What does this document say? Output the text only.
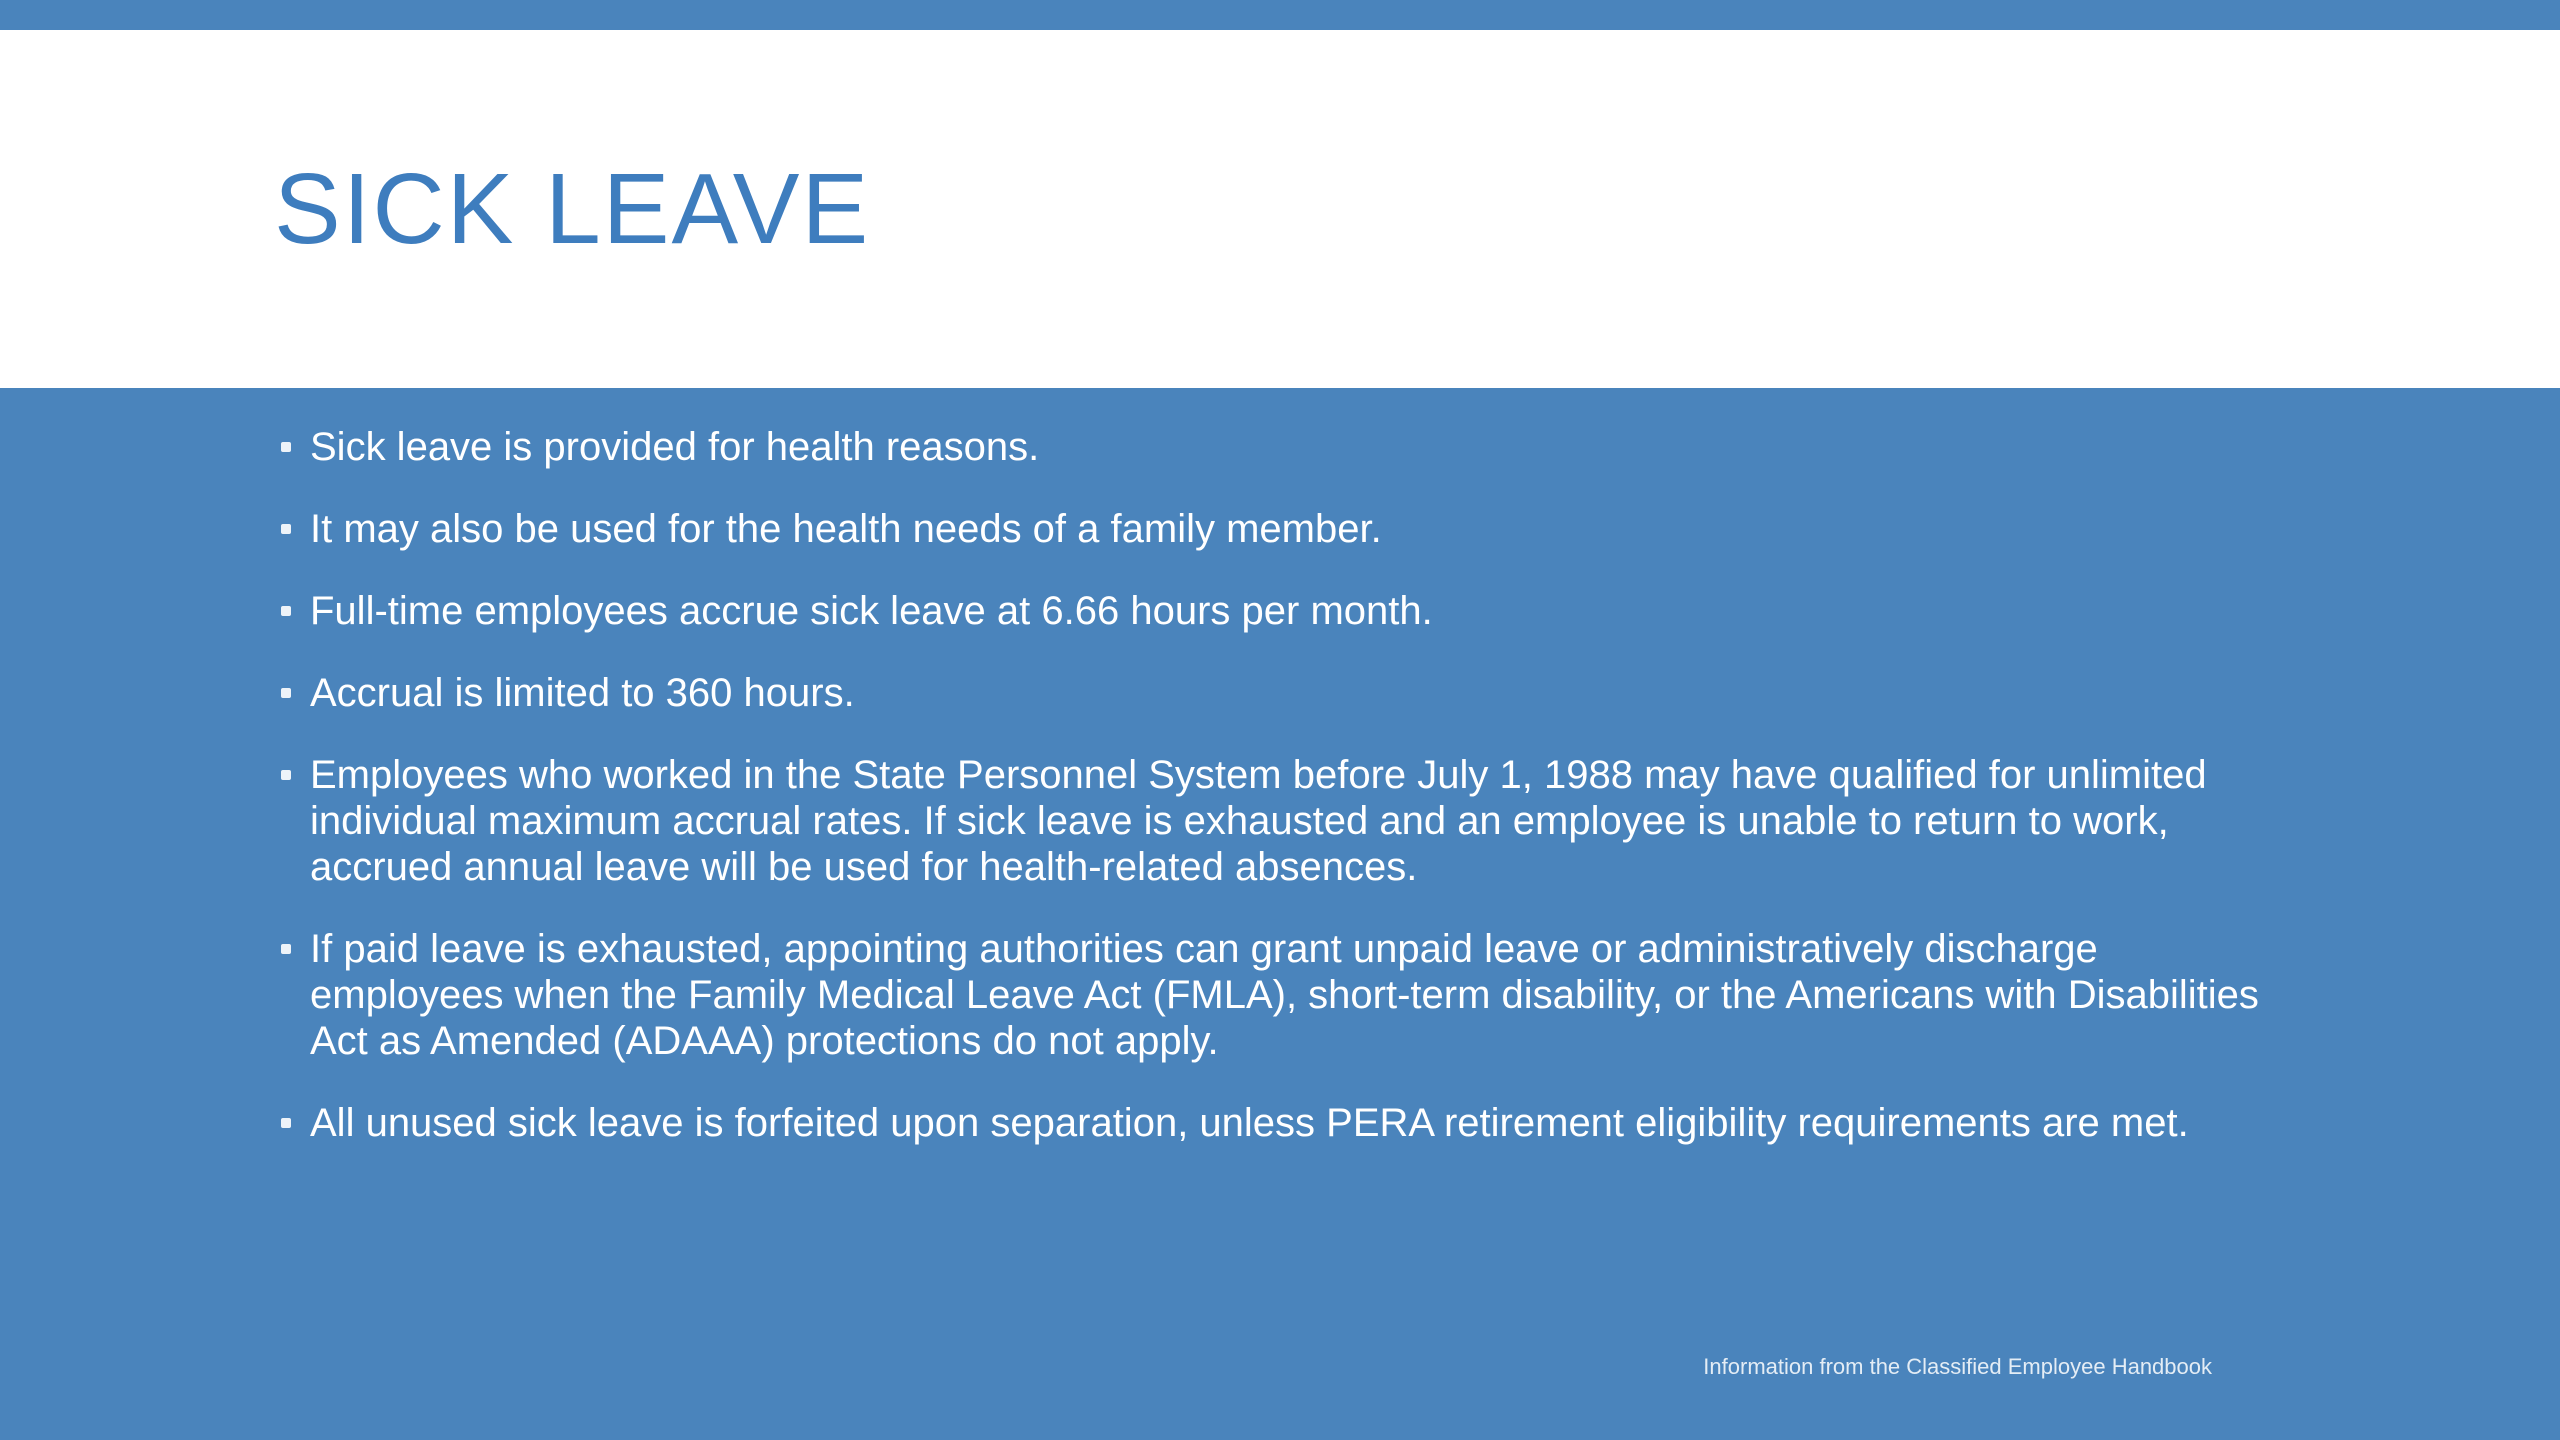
SICK LEAVE
Sick leave is provided for health reasons.
It may also be used for the health needs of a family member.
Full-time employees accrue sick leave at 6.66 hours per month.
Accrual is limited to 360 hours.
Employees who worked in the State Personnel System before July 1, 1988 may have qualified for unlimited individual maximum accrual rates. If sick leave is exhausted and an employee is unable to return to work, accrued annual leave will be used for health-related absences.
If paid leave is exhausted, appointing authorities can grant unpaid leave or administratively discharge employees when the Family Medical Leave Act (FMLA), short-term disability, or the Americans with Disabilities Act as Amended (ADAAA) protections do not apply.
All unused sick leave is forfeited upon separation, unless PERA retirement eligibility requirements are met.
Information from the Classified Employee Handbook
